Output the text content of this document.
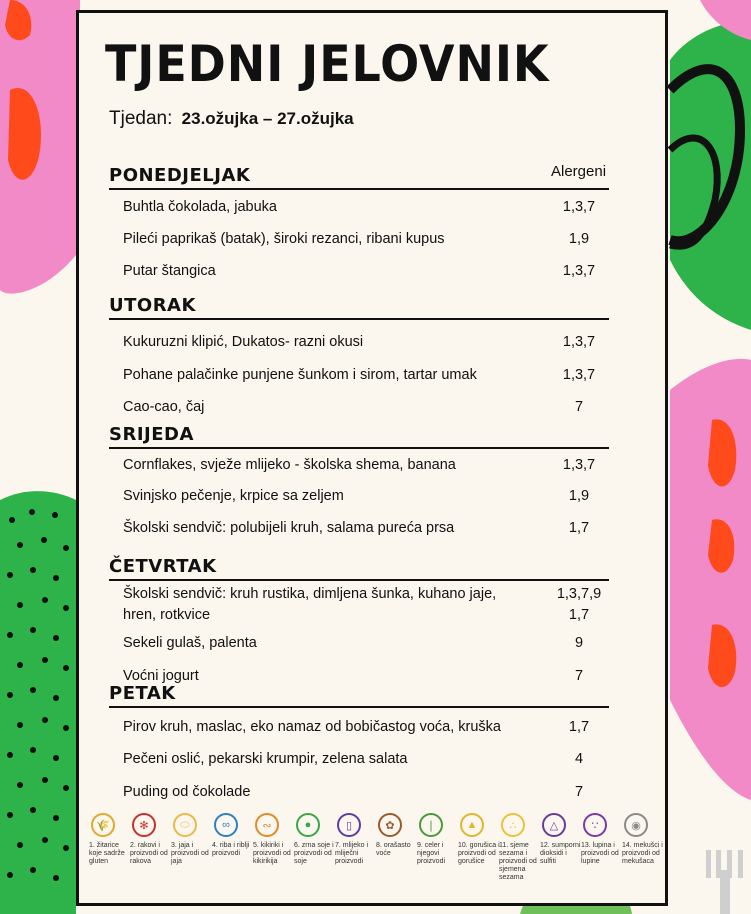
TJEDNI JELOVNIK
Tjedan: 23.ožujka – 27.ožujka
Alergeni
PONEDJELJAK
Buhtla čokolada, jabuka	1,3,7
Pileći paprikaš (batak), široki rezanci, ribani kupus	1,9
Putar štangica	1,3,7
UTORAK
Kukuruzni klipić, Dukatos- razni okusi	1,3,7
Pohane palačinke punjene šunkom i sirom, tartar umak	1,3,7
Cao-cao, čaj	7
SRIJEDA
Cornflakes, svježe mlijeko - školska shema, banana	1,3,7
Svinjsko pečenje, krpice sa zeljem	1,9
Školski sendvič: polubijeli kruh, salama pureća prsa	1,7
ČETVRTAK
Školski sendvič: kruh rustika, dimljena šunka, kuhano jaje,	1,3,7,9
hren, rotkvice	1,7
Sekeli gulaš, palenta	9
Voćni jogurt	7
PETAK
Pirov kruh, maslac, eko namaz od bobičastog voća, kruška	1,7
Pečeni oslić, pekarski krumpir, zelena salata	4
Puding od čokolade	7
🌾
1. žitarice koje sadrže gluten
✻
2. rakovi i proizvodi od rakova
⬭
3. jaja i proizvodi od jaja
∞
4. riba i riblji proizvodi
∾
5. kikiriki i proizvodi od kikirikija
●
6. zrna soje i proizvodi od soje
▯
7. mlijeko i mliječni proizvodi
✿
8. orašasto voće
❘
9. celer i njegovi proizvodi
▲
10. gorušica i proizvodi od gorušice
∴
11. sjeme sezama i proizvodi od sjemena sezama
△
12. sumporni dioksidi i sulfiti
∵
13. lupina i proizvodi od lupine
◉
14. mekušci i proizvodi od mekušaca
